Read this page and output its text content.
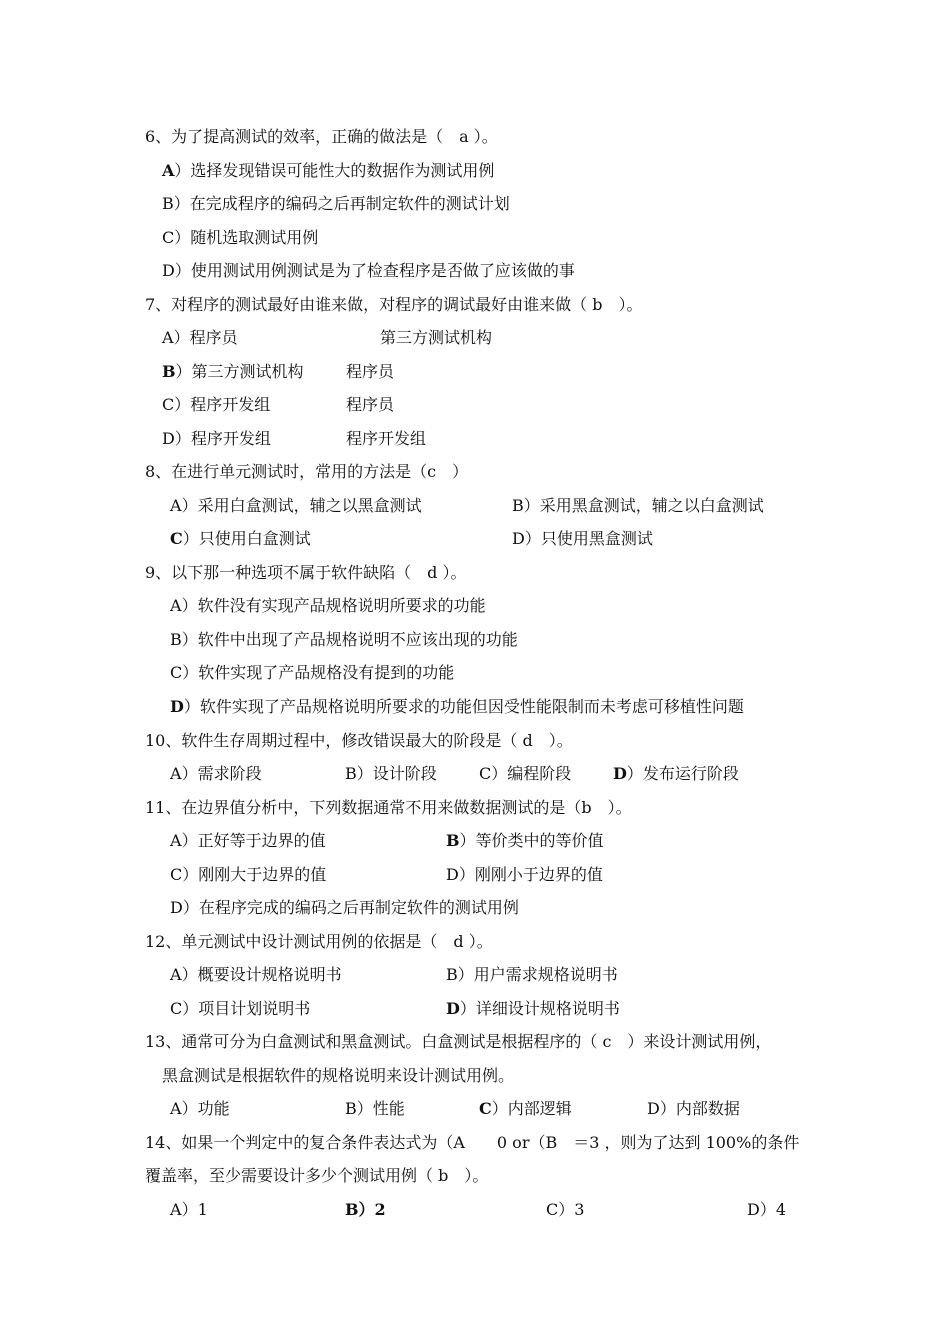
6、为了提高测试的效率，正确的做法是（　a ）。
A）选择发现错误可能性大的数据作为测试用例
B）在完成程序的编码之后再制定软件的测试计划
C）随机选取测试用例
D）使用测试用例测试是为了检查程序是否做了应该做的事
7、对程序的测试最好由谁来做，对程序的调试最好由谁来做（ b　）。
A）程序员	第三方测试机构
B）第三方测试机构	程序员
C）程序开发组	程序员
D）程序开发组	程序开发组
8、在进行单元测试时，常用的方法是（c　）
A）采用白盒测试，辅之以黑盒测试	B）采用黑盒测试，辅之以白盒测试
C）只使用白盒测试	D）只使用黑盒测试
9、以下那一种选项不属于软件缺陷（　d ）。
A）软件没有实现产品规格说明所要求的功能
B）软件中出现了产品规格说明不应该出现的功能
C）软件实现了产品规格没有提到的功能
D）软件实现了产品规格说明所要求的功能但因受性能限制而未考虑可移植性问题
10、软件生存周期过程中，修改错误最大的阶段是（ d　）。
A）需求阶段	B）设计阶段	C）编程阶段	D）发布运行阶段
11、在边界值分析中，下列数据通常不用来做数据测试的是（b　）。
A）正好等于边界的值	B）等价类中的等价值
C）刚刚大于边界的值	D）刚刚小于边界的值
D）在程序完成的编码之后再制定软件的测试用例
12、单元测试中设计测试用例的依据是（　d ）。
A）概要设计规格说明书	B）用户需求规格说明书
C）项目计划说明书	D）详细设计规格说明书
13、通常可分为白盒测试和黑盒测试。白盒测试是根据程序的（ c　）来设计测试用例，
黑盒测试是根据软件的规格说明来设计测试用例。
A）功能	B）性能	C）内部逻辑	D）内部数据
14、如果一个判定中的复合条件表达式为（A　　0 or（B　＝3 ，则为了达到 100%的条件
覆盖率，至少需要设计多少个测试用例（ b　）。
A）1	B）2	C）3	D）4
